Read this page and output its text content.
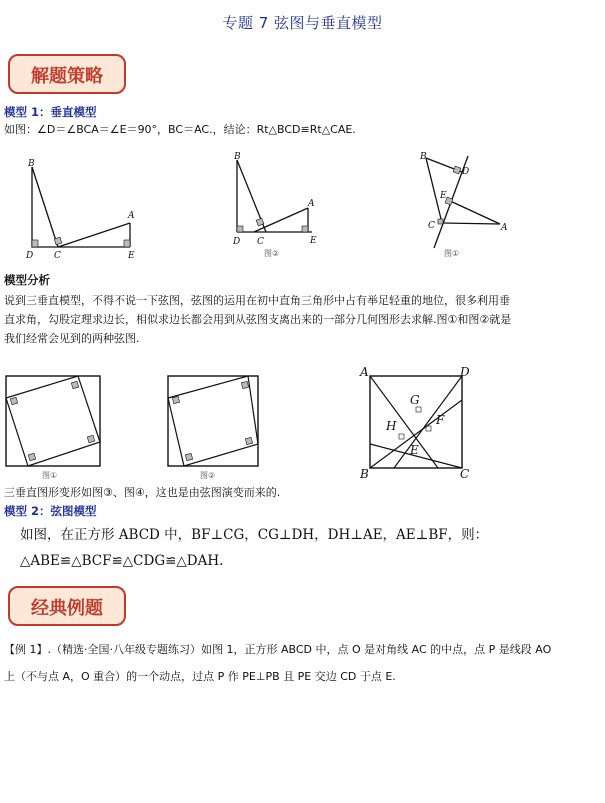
专题 7 弦图与垂直模型
解题策略
模型 1：垂直模型
如图：∠D＝∠BCA＝∠E＝90°，BC＝AC.，结论：Rt△BCD≌Rt△CAE.
B
D C
A
E
B
D C
A
E
图②
B
D
E
C	A
图①
模型分析
说到三垂直模型，不得不说一下弦图，弦图的运用在初中直角三角形中占有举足轻重的地位，很多利用垂
直求角，勾股定理求边长，相似求边长都会用到从弦图支离出来的一部分几何图形去求解.图①和图②就是
我们经常会见到的两种弦图.
图①	图②
A	D
G
H	F
E
B	C
三垂直图形变形如图③、图④，这也是由弦图演变而来的.
模型 2：弦图模型
如图，在正方形 ABCD 中，BF⊥CG，CG⊥DH，DH⊥AE，AE⊥BF，则：
△ABE≌△BCF≌△CDG≌△DAH.
经典例题
【例 1】.（精选·全国·八年级专题练习）如图 1，正方形 ABCD 中，点 O 是对角线 AC 的中点，点 P 是线段 AO
上（不与点 A，O 重合）的一个动点，过点 P 作 PE⊥PB 且 PE 交边 CD 于点 E.
